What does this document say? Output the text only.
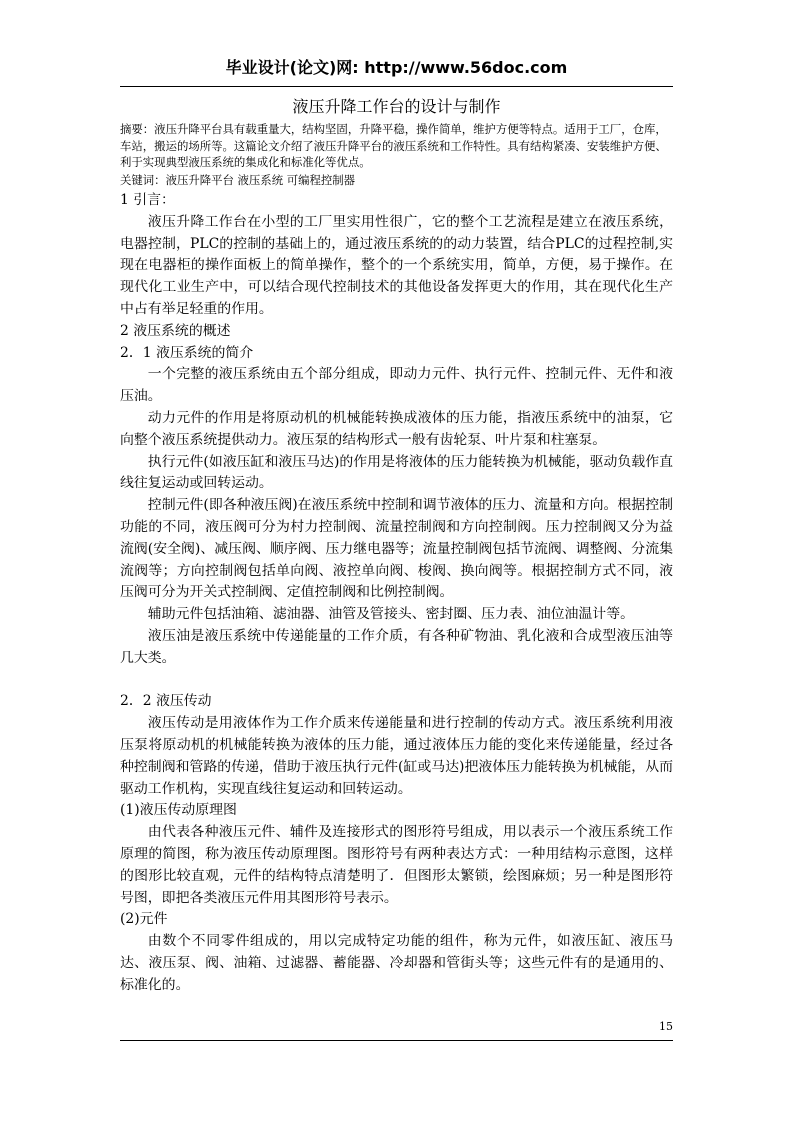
毕业设计(论文)网: http://www.56doc.com
液压升降工作台的设计与制作
摘要：液压升降平台具有载重量大，结构坚固，升降平稳，操作简单，维护方便等特点。适用于工厂，仓库，车站，搬运的场所等。这篇论文介绍了液压升降平台的液压系统和工作特性。具有结构紧凑、安装维护方便、利于实现典型液压系统的集成化和标准化等优点。
关键词：液压升降平台 液压系统 可编程控制器

1 引言：

液压升降工作台在小型的工厂里实用性很广，它的整个工艺流程是建立在液压系统，电器控制，PLC的控制的基础上的，通过液压系统的的动力装置，结合PLC的过程控制,实现在电器柜的操作面板上的简单操作，整个的一个系统实用，简单，方便，易于操作。在现代化工业生产中，可以结合现代控制技术的其他设备发挥更大的作用，其在现代化生产中占有举足轻重的作用。

2 液压系统的概述

2．1 液压系统的简介

一个完整的液压系统由五个部分组成，即动力元件、执行元件、控制元件、无件和液压油。

动力元件的作用是将原动机的机械能转换成液体的压力能，指液压系统中的油泵，它向整个液压系统提供动力。液压泵的结构形式一般有齿轮泵、叶片泵和柱塞泵。

执行元件(如液压缸和液压马达)的作用是将液体的压力能转换为机械能，驱动负载作直线往复运动或回转运动。

控制元件(即各种液压阀)在液压系统中控制和调节液体的压力、流量和方向。根据控制功能的不同，液压阀可分为村力控制阀、流量控制阀和方向控制阀。压力控制阀又分为益流阀(安全阀)、减压阀、顺序阀、压力继电器等；流量控制阀包括节流阀、调整阀、分流集流阀等；方向控制阀包括单向阀、液控单向阀、梭阀、换向阀等。根据控制方式不同，液压阀可分为开关式控制阀、定值控制阀和比例控制阀。

辅助元件包括油箱、滤油器、油管及管接头、密封圈、压力表、油位油温计等。

液压油是液压系统中传递能量的工作介质，有各种矿物油、乳化液和合成型液压油等几大类。

2．2 液压传动

液压传动是用液体作为工作介质来传递能量和进行控制的传动方式。液压系统利用液压泵将原动机的机械能转换为液体的压力能，通过液体压力能的变化来传递能量，经过各种控制阀和管路的传递，借助于液压执行元件(缸或马达)把液体压力能转换为机械能，从而驱动工作机构，实现直线往复运动和回转运动。

(1)液压传动原理图

由代表各种液压元件、辅件及连接形式的图形符号组成，用以表示一个液压系统工作原理的简图，称为液压传动原理图。图形符号有两种表达方式：一种用结构示意图，这样的图形比较直观，元件的结构特点清楚明了．但图形太繁锁，绘图麻烦；另一种是图形符号图，即把各类液压元件用其图形符号表示。

(2)元件

由数个不同零件组成的，用以完成特定功能的组件，称为元件，如液压缸、液压马达、液压泵、阀、油箱、过滤器、蓄能器、冷却器和管街头等；这些元件有的是通用的、标准化的。

15
